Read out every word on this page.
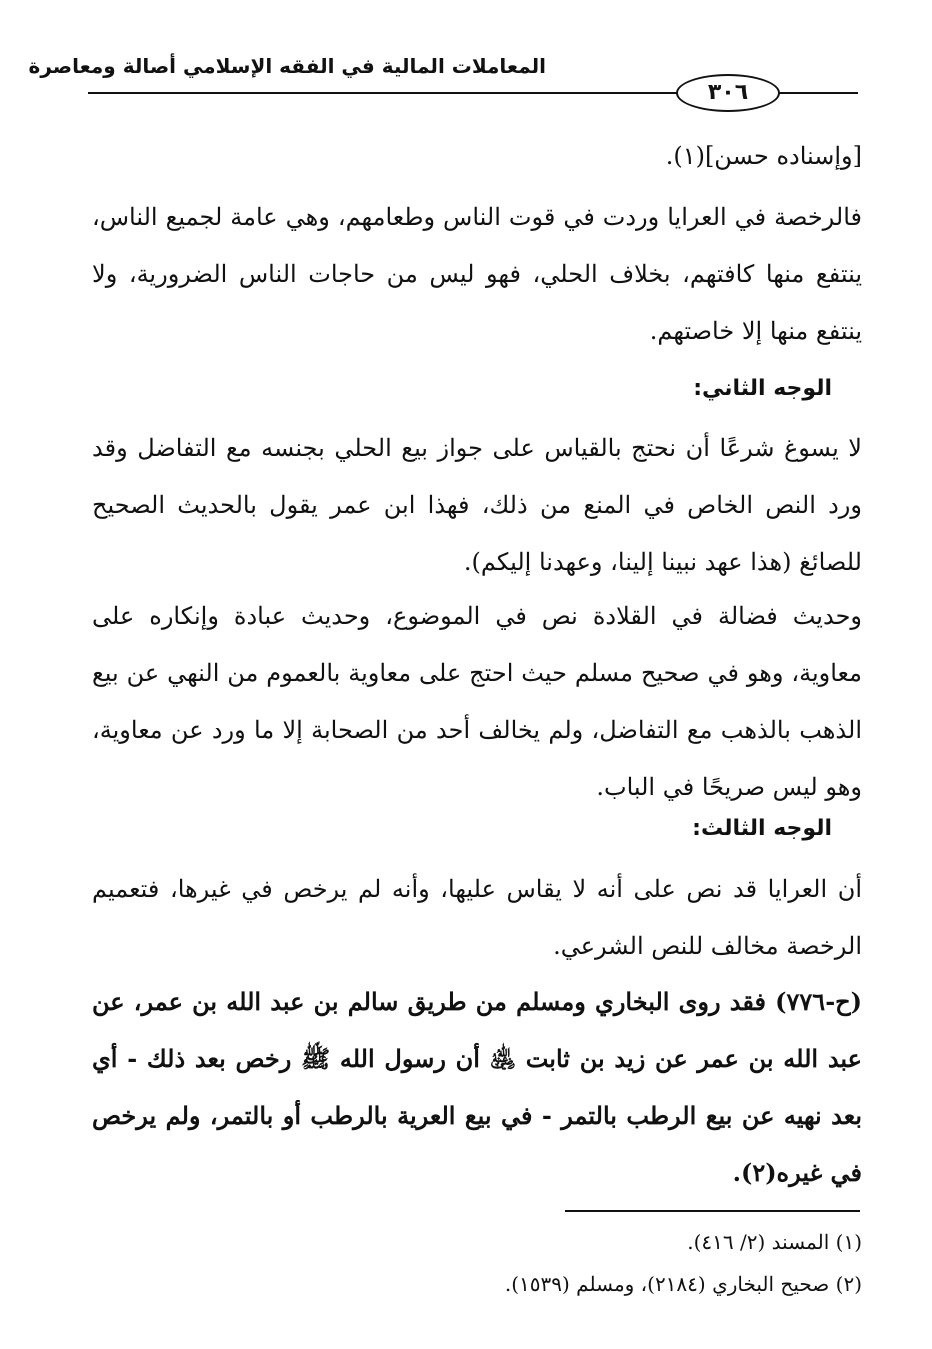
المعاملات المالية في الفقه الإسلامي أصالة ومعاصرة
٣٠٦
[وإسناده حسن](١).
فالرخصة في العرايا وردت في قوت الناس وطعامهم، وهي عامة لجميع الناس، ينتفع منها كافتهم، بخلاف الحلي، فهو ليس من حاجات الناس الضرورية، ولا ينتفع منها إلا خاصتهم.
الوجه الثاني:
لا يسوغ شرعًا أن نحتج بالقياس على جواز بيع الحلي بجنسه مع التفاضل وقد ورد النص الخاص في المنع من ذلك، فهذا ابن عمر يقول بالحديث الصحيح للصائغ (هذا عهد نبينا إلينا، وعهدنا إليكم).
وحديث فضالة في القلادة نص في الموضوع، وحديث عبادة وإنكاره على معاوية، وهو في صحيح مسلم حيث احتج على معاوية بالعموم من النهي عن بيع الذهب بالذهب مع التفاضل، ولم يخالف أحد من الصحابة إلا ما ورد عن معاوية، وهو ليس صريحًا في الباب.
الوجه الثالث:
أن العرايا قد نص على أنه لا يقاس عليها، وأنه لم يرخص في غيرها، فتعميم الرخصة مخالف للنص الشرعي.
(ح-٧٧٦) فقد روى البخاري ومسلم من طريق سالم بن عبد الله بن عمر، عن عبد الله بن عمر عن زيد بن ثابت ﵁ أن رسول الله ﷺ رخص بعد ذلك - أي بعد نهيه عن بيع الرطب بالتمر - في بيع العرية بالرطب أو بالتمر، ولم يرخص في غيره(٢).
(١) المسند (٢/ ٤١٦).
(٢) صحيح البخاري (٢١٨٤)، ومسلم (١٥٣٩).
